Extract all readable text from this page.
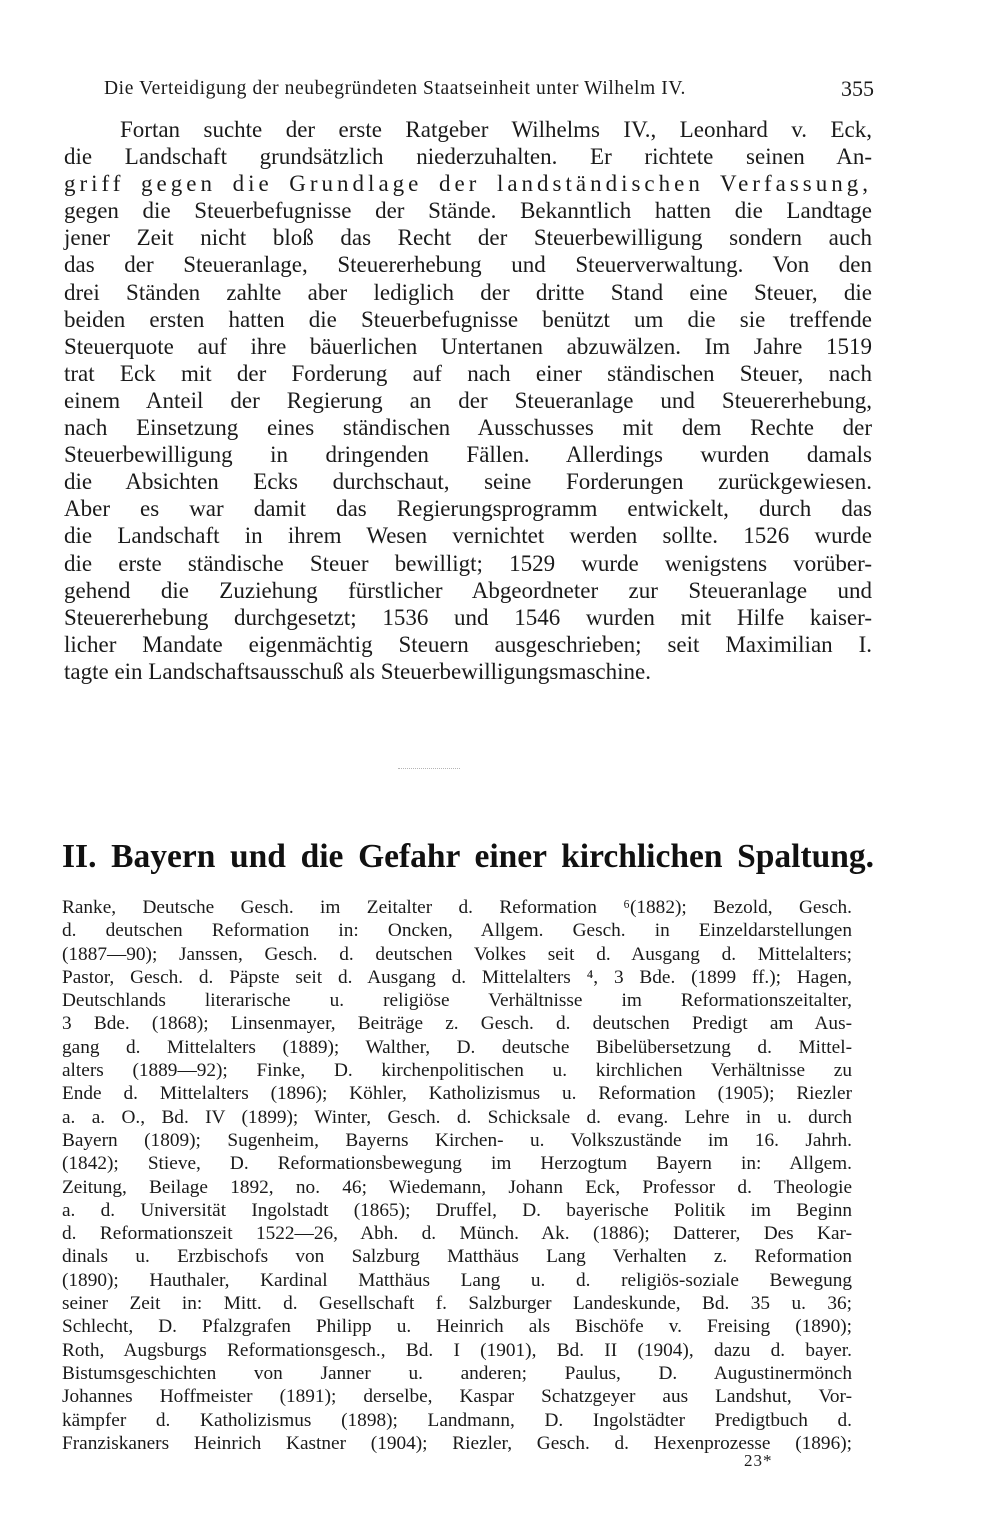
Die Verteidigung der neubegründeten Staatseinheit unter Wilhelm IV.	355
Fortan suchte der erste Ratgeber Wilhelms IV., Leonhard v. Eck,
die Landschaft grundsätzlich niederzuhalten. Er richtete seinen An-
griff gegen die Grundlage der landständischen Verfassung,
gegen die Steuerbefugnisse der Stände. Bekanntlich hatten die Landtage
jener Zeit nicht bloß das Recht der Steuerbewilligung sondern auch
das der Steueranlage, Steuererhebung und Steuerverwaltung. Von den
drei Ständen zahlte aber lediglich der dritte Stand eine Steuer, die
beiden ersten hatten die Steuerbefugnisse benützt um die sie treffende
Steuerquote auf ihre bäuerlichen Untertanen abzuwälzen. Im Jahre 1519
trat Eck mit der Forderung auf nach einer ständischen Steuer, nach
einem Anteil der Regierung an der Steueranlage und Steuererhebung,
nach Einsetzung eines ständischen Ausschusses mit dem Rechte der
Steuerbewilligung in dringenden Fällen. Allerdings wurden damals
die Absichten Ecks durchschaut, seine Forderungen zurückgewiesen.
Aber es war damit das Regierungsprogramm entwickelt, durch das
die Landschaft in ihrem Wesen vernichtet werden sollte. 1526 wurde
die erste ständische Steuer bewilligt; 1529 wurde wenigstens vorüber-
gehend die Zuziehung fürstlicher Abgeordneter zur Steueranlage und
Steuererhebung durchgesetzt; 1536 und 1546 wurden mit Hilfe kaiser-
licher Mandate eigenmächtig Steuern ausgeschrieben; seit Maximilian I.
tagte ein Landschaftsausschuß als Steuerbewilligungsmaschine.
II. Bayern und die Gefahr einer kirchlichen Spaltung.
Ranke, Deutsche Gesch. im Zeitalter d. Reformation ⁶(1882); Bezold, Gesch.
d. deutschen Reformation in: Oncken, Allgem. Gesch. in Einzeldarstellungen
(1887—90); Janssen, Gesch. d. deutschen Volkes seit d. Ausgang d. Mittelalters;
Pastor, Gesch. d. Päpste seit d. Ausgang d. Mittelalters ⁴, 3 Bde. (1899 ff.); Hagen,
Deutschlands literarische u. religiöse Verhältnisse im Reformationszeitalter,
3 Bde. (1868); Linsenmayer, Beiträge z. Gesch. d. deutschen Predigt am Aus-
gang d. Mittelalters (1889); Walther, D. deutsche Bibelübersetzung d. Mittel-
alters (1889—92); Finke, D. kirchenpolitischen u. kirchlichen Verhältnisse zu
Ende d. Mittelalters (1896); Köhler, Katholizismus u. Reformation (1905); Riezler
a. a. O., Bd. IV (1899); Winter, Gesch. d. Schicksale d. evang. Lehre in u. durch
Bayern (1809); Sugenheim, Bayerns Kirchen- u. Volkszustände im 16. Jahrh.
(1842); Stieve, D. Reformationsbewegung im Herzogtum Bayern in: Allgem.
Zeitung, Beilage 1892, no. 46; Wiedemann, Johann Eck, Professor d. Theologie
a. d. Universität Ingolstadt (1865); Druffel, D. bayerische Politik im Beginn
d. Reformationszeit 1522—26, Abh. d. Münch. Ak. (1886); Datterer, Des Kar-
dinals u. Erzbischofs von Salzburg Matthäus Lang Verhalten z. Reformation
(1890); Hauthaler, Kardinal Matthäus Lang u. d. religiös-soziale Bewegung
seiner Zeit in: Mitt. d. Gesellschaft f. Salzburger Landeskunde, Bd. 35 u. 36;
Schlecht, D. Pfalzgrafen Philipp u. Heinrich als Bischöfe v. Freising (1890);
Roth, Augsburgs Reformationsgesch., Bd. I (1901), Bd. II (1904), dazu d. bayer.
Bistumsgeschichten von Janner u. anderen; Paulus, D. Augustinermönch
Johannes Hoffmeister (1891); derselbe, Kaspar Schatzgeyer aus Landshut, Vor-
kämpfer d. Katholizismus (1898); Landmann, D. Ingolstädter Predigtbuch d.
Franziskaners Heinrich Kastner (1904); Riezler, Gesch. d. Hexenprozesse (1896);
23*
